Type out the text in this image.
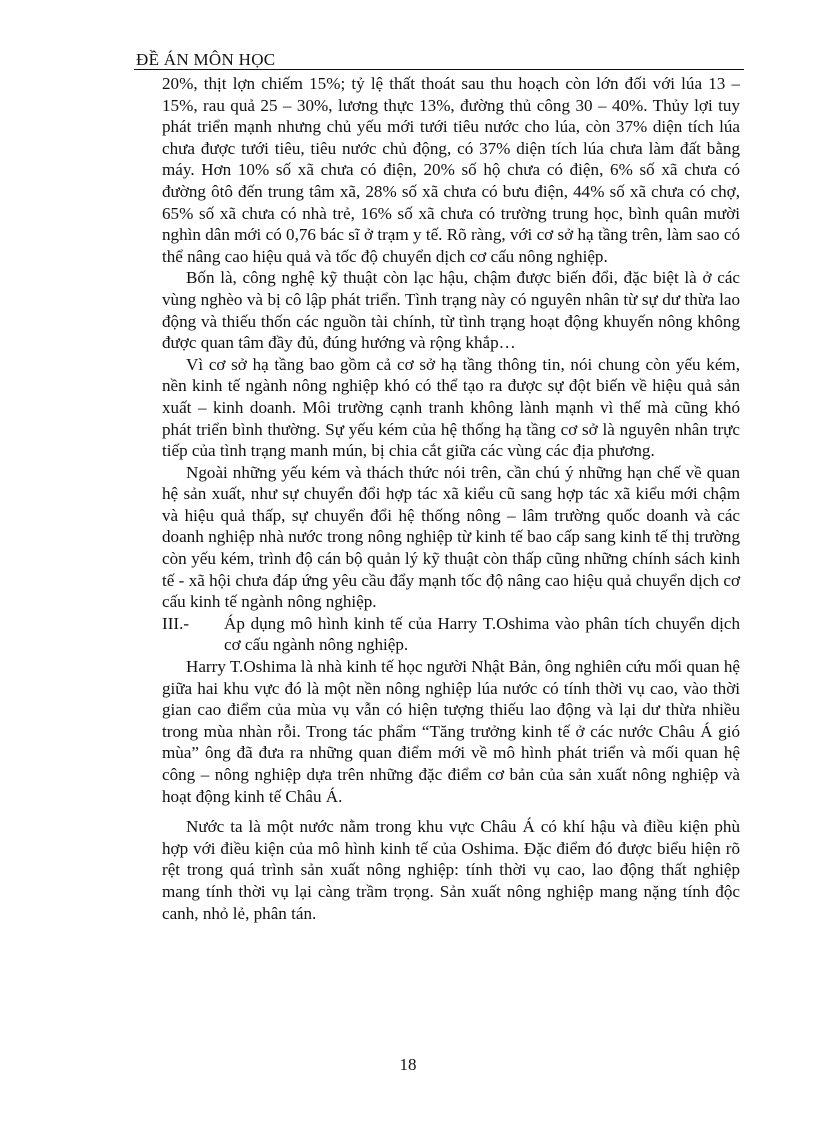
ĐỀ ÁN MÔN HỌC

20%, thịt lợn chiếm 15%; tỷ lệ thất thoát sau thu hoạch còn lớn đối với lúa 13 – 15%, rau quả 25 – 30%, lương thực 13%, đường thủ công 30 – 40%. Thủy lợi tuy phát triển mạnh nhưng chủ yếu mới tưới tiêu nước cho lúa, còn 37% diện tích lúa chưa được tưới tiêu, tiêu nước chủ động, có 37% diện tích lúa chưa làm đất bằng máy. Hơn 10% số xã chưa có điện, 20% số hộ chưa có điện, 6% số xã chưa có đường ôtô đến trung tâm xã, 28% số xã chưa có bưu điện, 44% số xã chưa có chợ, 65% số xã chưa có nhà trẻ, 16% số xã chưa có trường trung học, bình quân mười nghìn dân mới có 0,76 bác sĩ ở trạm y tế. Rõ ràng, với cơ sở hạ tầng trên, làm sao có thể nâng cao hiệu quả và tốc độ chuyển dịch cơ cấu nông nghiệp.

Bốn là, công nghệ kỹ thuật còn lạc hậu, chậm được biến đổi, đặc biệt là ở các vùng nghèo và bị cô lập phát triển. Tình trạng này có nguyên nhân từ sự dư thừa lao động và thiếu thốn các nguồn tài chính, từ tình trạng hoạt động khuyến nông không được quan tâm đầy đủ, đúng hướng và rộng khắp…

Vì cơ sở hạ tầng bao gồm cả cơ sở hạ tầng thông tin, nói chung còn yếu kém, nền kinh tế ngành nông nghiệp khó có thể tạo ra được sự đột biến về hiệu quả sản xuất – kinh doanh. Môi trường cạnh tranh không lành mạnh vì thế mà cũng khó phát triển bình thường. Sự yếu kém của hệ thống hạ tầng cơ sở là nguyên nhân trực tiếp của tình trạng manh mún, bị chia cắt giữa các vùng các địa phương.

Ngoài những yếu kém và thách thức nói trên, cần chú ý những hạn chế về quan hệ sản xuất, như sự chuyển đổi hợp tác xã kiểu cũ sang hợp tác xã kiểu mới chậm và hiệu quả thấp, sự chuyển đổi hệ thống nông – lâm trường quốc doanh và các doanh nghiệp nhà nước trong nông nghiệp từ kinh tế bao cấp sang kinh tế thị trường còn yếu kém, trình độ cán bộ quản lý kỹ thuật còn thấp cũng những chính sách kinh tế - xã hội chưa đáp ứng yêu cầu đẩy mạnh tốc độ nâng cao hiệu quả chuyển dịch cơ cấu kinh tế ngành nông nghiệp.

III.-	Áp dụng mô hình kinh tế của Harry T.Oshima vào phân tích chuyển dịch cơ cấu ngành nông nghiệp.

Harry T.Oshima là nhà kinh tế học người Nhật Bản, ông nghiên cứu mối quan hệ giữa hai khu vực đó là một nền nông nghiệp lúa nước có tính thời vụ cao, vào thời gian cao điểm của mùa vụ vẫn có hiện tượng thiếu lao động và lại dư thừa nhiều trong mùa nhàn rỗi. Trong tác phẩm “Tăng trưởng kinh tế ở các nước Châu Á gió mùa” ông đã đưa ra những quan điểm mới về mô hình phát triển và mối quan hệ công – nông nghiệp dựa trên những đặc điểm cơ bản của sản xuất nông nghiệp và hoạt động kinh tế Châu Á.

Nước ta là một nước nằm trong khu vực Châu Á có khí hậu và điều kiện phù hợp với điều kiện của mô hình kinh tế của Oshima. Đặc điểm đó được biểu hiện rõ rệt trong quá trình sản xuất nông nghiệp: tính thời vụ cao, lao động thất nghiệp mang tính thời vụ lại càng trầm trọng. Sản xuất nông nghiệp mang nặng tính độc canh, nhỏ lẻ, phân tán.

18
